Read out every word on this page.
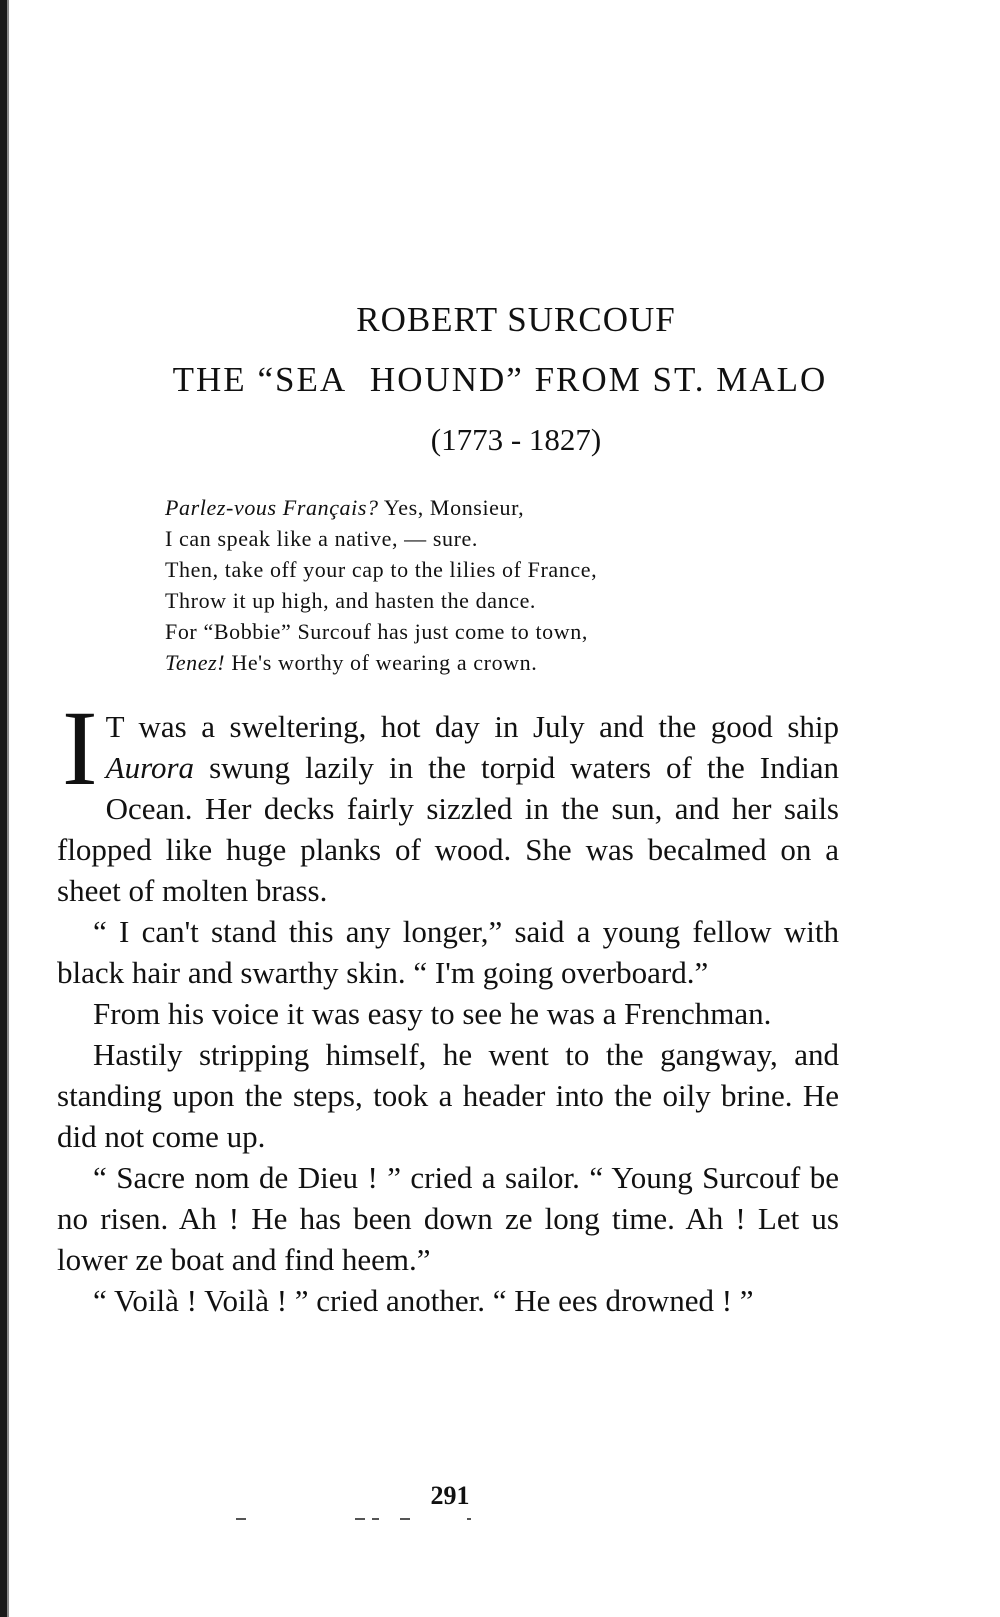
ROBERT SURCOUF
THE “SEA HOUND” FROM ST. MALO
(1773 - 1827)
Parlez-vous Français? Yes, Monsieur,
I can speak like a native, — sure.
Then, take off your cap to the lilies of France,
Throw it up high, and hasten the dance.
For “Bobbie” Surcouf has just come to town,
Tenez! He's worthy of wearing a crown.

I T was a sweltering, hot day in July and the good ship Aurora swung lazily in the torpid waters of the Indian Ocean. Her decks fairly sizzled in the sun, and her sails flopped like huge planks of wood. She was becalmed on a sheet of molten brass.

“ I can't stand this any longer,” said a young fellow with black hair and swarthy skin. “ I'm going overboard.”

From his voice it was easy to see he was a Frenchman.

Hastily stripping himself, he went to the gangway, and standing upon the steps, took a header into the oily brine. He did not come up.

“ Sacre nom de Dieu ! ” cried a sailor. “ Young Surcouf be no risen. Ah ! He has been down ze long time. Ah ! Let us lower ze boat and find heem.”

“ Voilà ! Voilà ! ” cried another. “ He ees drowned ! ”

291
